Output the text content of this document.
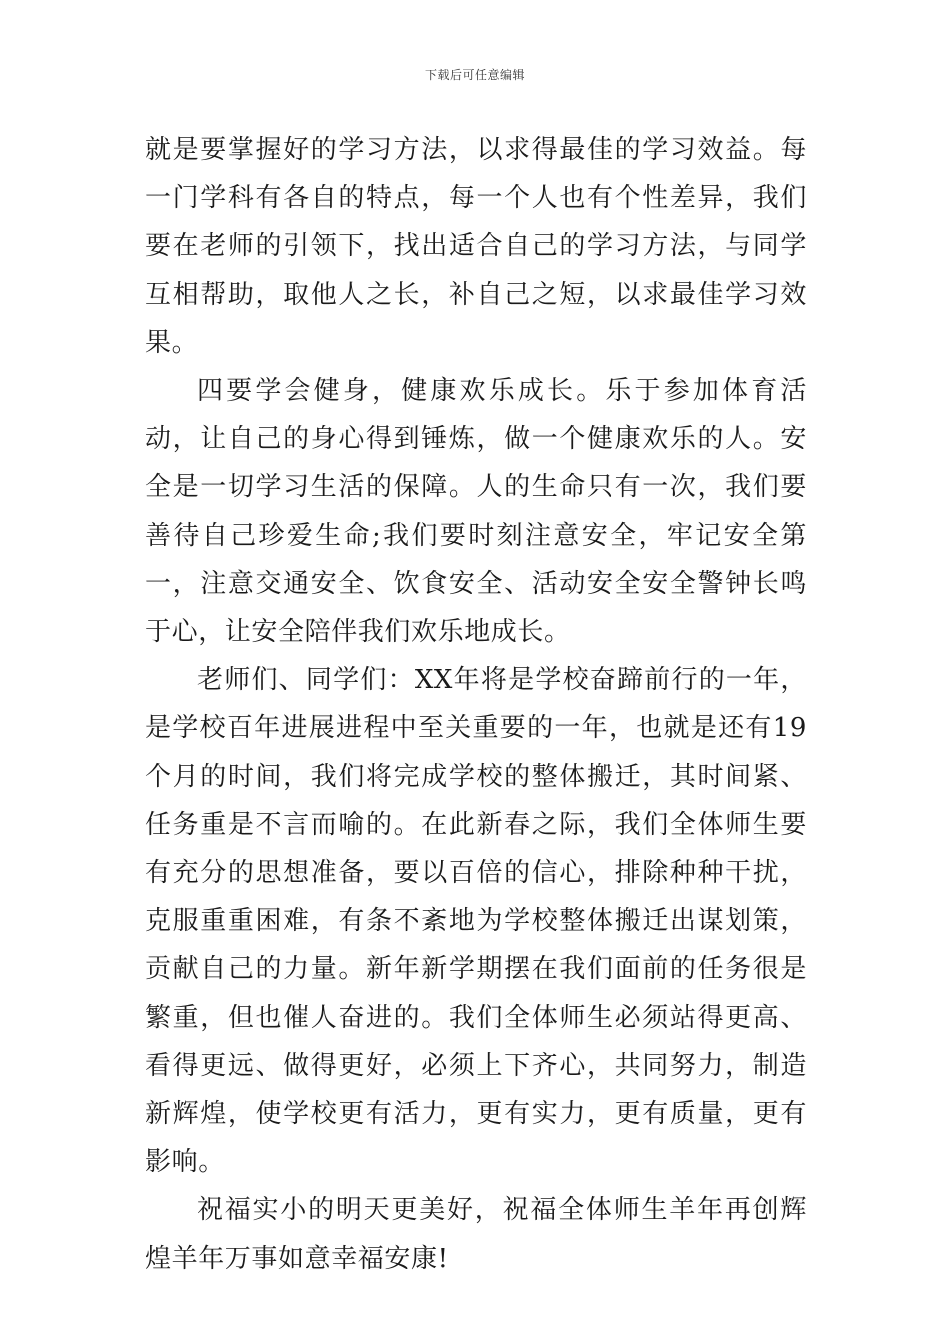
下载后可任意编辑

就是要掌握好的学习方法，以求得最佳的学习效益。每一门学科有各自的特点，每一个人也有个性差异，我们要在老师的引领下，找出适合自己的学习方法，与同学互相帮助，取他人之长，补自己之短，以求最佳学习效果。

四要学会健身，健康欢乐成长。乐于参加体育活动，让自己的身心得到锤炼，做一个健康欢乐的人。安全是一切学习生活的保障。人的生命只有一次，我们要善待自己珍爱生命;我们要时刻注意安全，牢记安全第一，注意交通安全、饮食安全、活动安全安全警钟长鸣于心，让安全陪伴我们欢乐地成长。

老师们、同学们：XX年将是学校奋蹄前行的一年，是学校百年进展进程中至关重要的一年，也就是还有19个月的时间，我们将完成学校的整体搬迁，其时间紧、任务重是不言而喻的。在此新春之际，我们全体师生要有充分的思想准备，要以百倍的信心，排除种种干扰，克服重重困难，有条不紊地为学校整体搬迁出谋划策，贡献自己的力量。新年新学期摆在我们面前的任务很是繁重，但也催人奋进的。我们全体师生必须站得更高、看得更远、做得更好，必须上下齐心，共同努力，制造新辉煌，使学校更有活力，更有实力，更有质量，更有影响。

祝福实小的明天更美好，祝福全体师生羊年再创辉煌羊年万事如意幸福安康!
